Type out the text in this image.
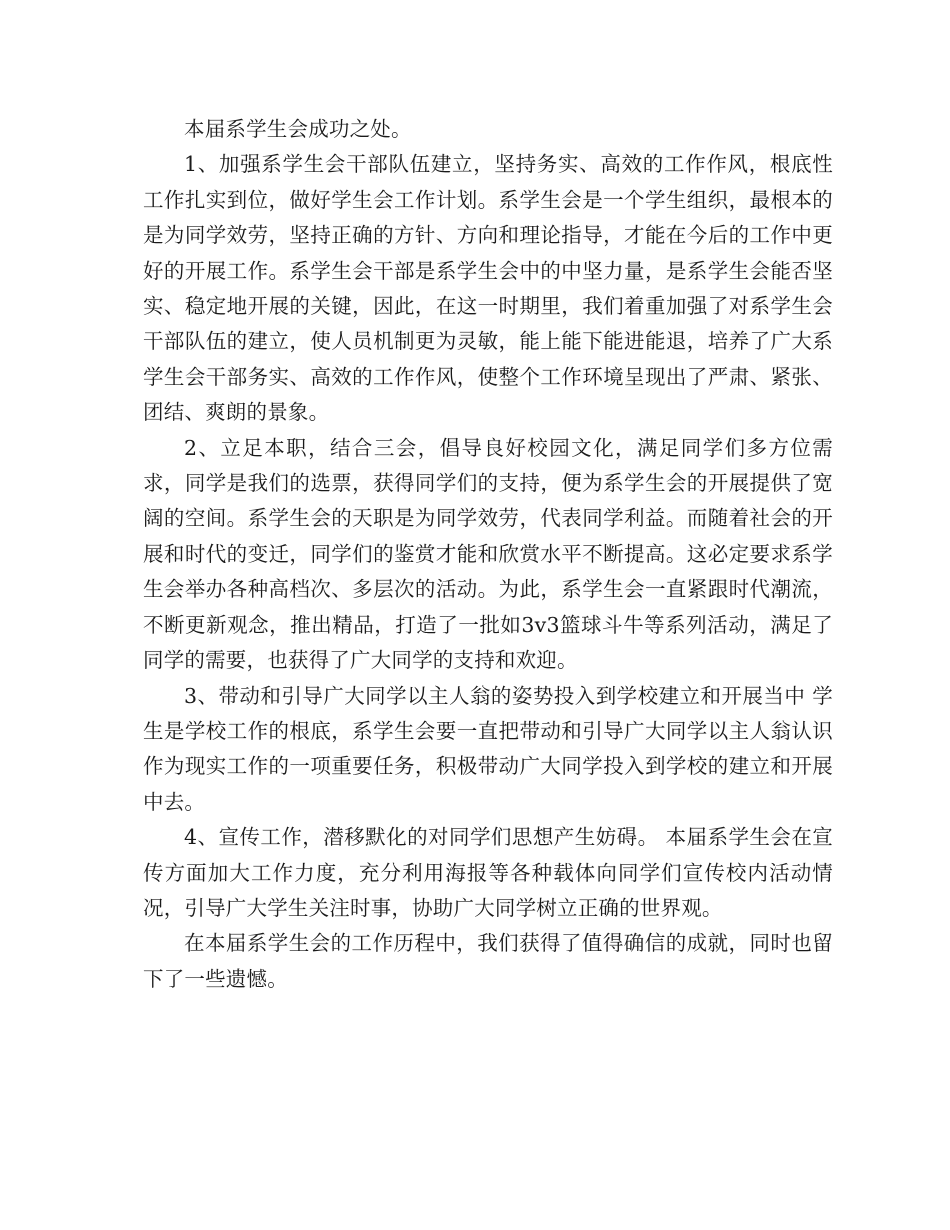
本届系学生会成功之处。

1、加强系学生会干部队伍建立，坚持务实、高效的工作作风，根底性工作扎实到位，做好学生会工作计划。系学生会是一个学生组织，最根本的是为同学效劳，坚持正确的方针、方向和理论指导，才能在今后的工作中更好的开展工作。系学生会干部是系学生会中的中坚力量，是系学生会能否坚实、稳定地开展的关键，因此，在这一时期里，我们着重加强了对系学生会干部队伍的建立，使人员机制更为灵敏，能上能下能进能退，培养了广大系学生会干部务实、高效的工作作风，使整个工作环境呈现出了严肃、紧张、团结、爽朗的景象。

2、立足本职，结合三会，倡导良好校园文化，满足同学们多方位需求，同学是我们的选票，获得同学们的支持，便为系学生会的开展提供了宽阔的空间。系学生会的天职是为同学效劳，代表同学利益。而随着社会的开展和时代的变迁，同学们的鉴赏才能和欣赏水平不断提高。这必定要求系学生会举办各种高档次、多层次的活动。为此，系学生会一直紧跟时代潮流，不断更新观念，推出精品，打造了一批如3v3篮球斗牛等系列活动，满足了同学的需要，也获得了广大同学的支持和欢迎。

3、带动和引导广大同学以主人翁的姿势投入到学校建立和开展当中 学生是学校工作的根底，系学生会要一直把带动和引导广大同学以主人翁认识作为现实工作的一项重要任务，积极带动广大同学投入到学校的建立和开展中去。

4、宣传工作，潜移默化的对同学们思想产生妨碍。 本届系学生会在宣传方面加大工作力度，充分利用海报等各种载体向同学们宣传校内活动情况，引导广大学生关注时事，协助广大同学树立正确的世界观。

在本届系学生会的工作历程中，我们获得了值得确信的成就，同时也留下了一些遗憾。
